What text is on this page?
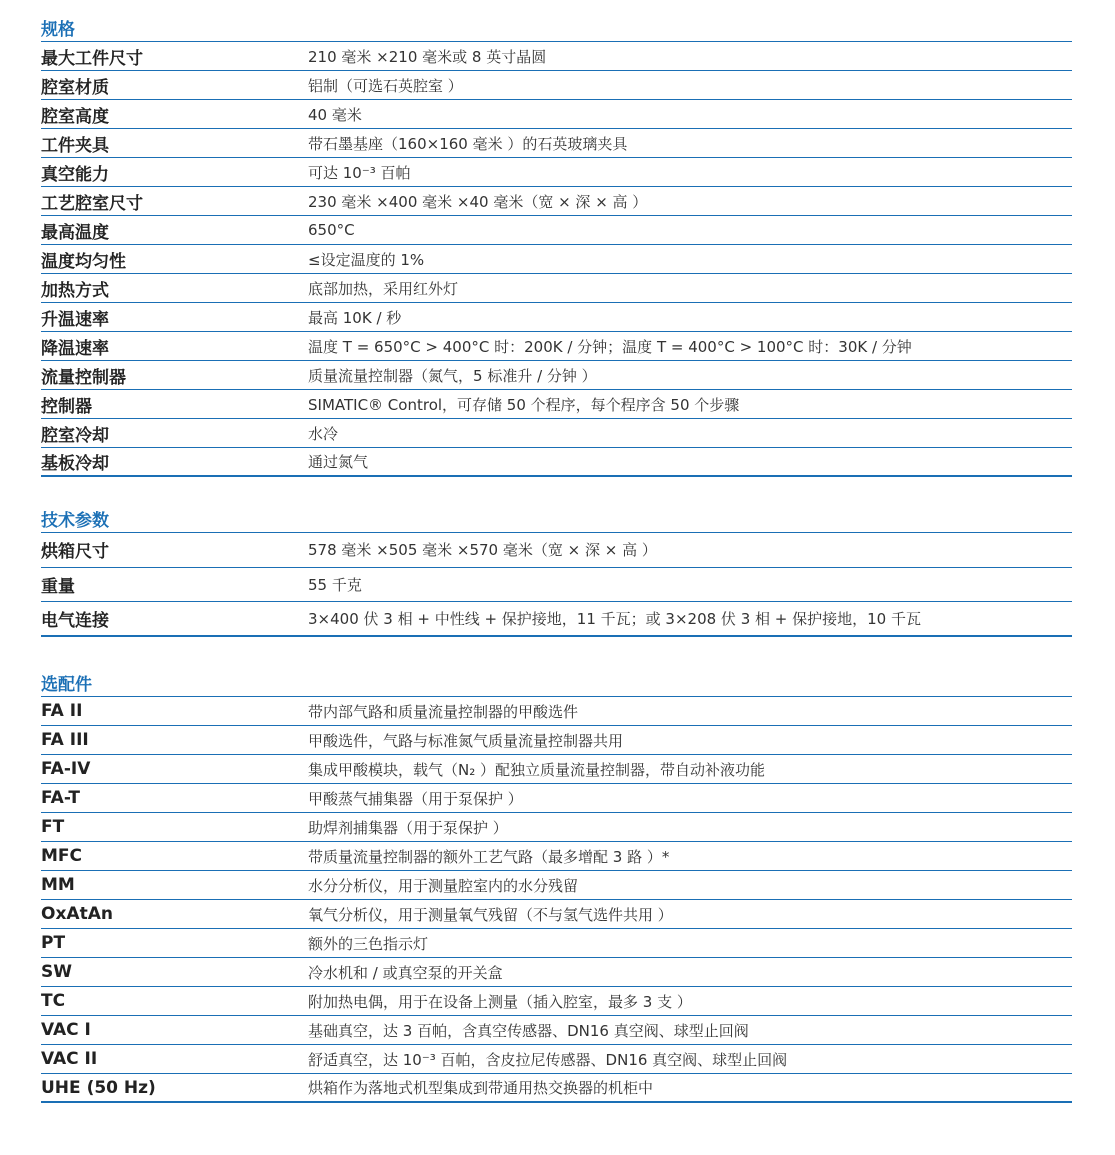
规格
最大工件尺寸	210 毫米 ×210 毫米或 8 英寸晶圆
腔室材质	铝制（可选石英腔室 ）
腔室高度	40 毫米
工件夹具	带石墨基座（160×160 毫米 ）的石英玻璃夹具
真空能力	可达 10⁻³ 百帕
工艺腔室尺寸	230 毫米 ×400 毫米 ×40 毫米（宽 × 深 × 高 ）
最高温度	650°C
温度均匀性	≤设定温度的 1%
加热方式	底部加热，采用红外灯
升温速率	最高 10K / 秒
降温速率	温度 T = 650°C > 400°C 时：200K / 分钟；温度 T = 400°C > 100°C 时：30K / 分钟
流量控制器	质量流量控制器（氮气，5 标准升 / 分钟 ）
控制器	SIMATIC® Control，可存储 50 个程序，每个程序含 50 个步骤
腔室冷却	水冷
基板冷却	通过氮气
技术参数
烘箱尺寸	578 毫米 ×505 毫米 ×570 毫米（宽 × 深 × 高 ）
重量	55 千克
电气连接	3×400 伏 3 相 + 中性线 + 保护接地，11 千瓦；或 3×208 伏 3 相 + 保护接地，10 千瓦
选配件
FA II	带内部气路和质量流量控制器的甲酸选件
FA III	甲酸选件，气路与标准氮气质量流量控制器共用
FA-IV	集成甲酸模块，载气（N₂ ）配独立质量流量控制器，带自动补液功能
FA-T	甲酸蒸气捕集器（用于泵保护 ）
FT	助焊剂捕集器（用于泵保护 ）
MFC	带质量流量控制器的额外工艺气路（最多增配 3 路 ）*
MM	水分分析仪，用于测量腔室内的水分残留
OxAtAn	氧气分析仪，用于测量氧气残留（不与氢气选件共用 ）
PT	额外的三色指示灯
SW	冷水机和 / 或真空泵的开关盒
TC	附加热电偶，用于在设备上测量（插入腔室，最多 3 支 ）
VAC I	基础真空，达 3 百帕，含真空传感器、DN16 真空阀、球型止回阀
VAC II	舒适真空，达 10⁻³ 百帕，含皮拉尼传感器、DN16 真空阀、球型止回阀
UHE (50 Hz)	烘箱作为落地式机型集成到带通用热交换器的机柜中
